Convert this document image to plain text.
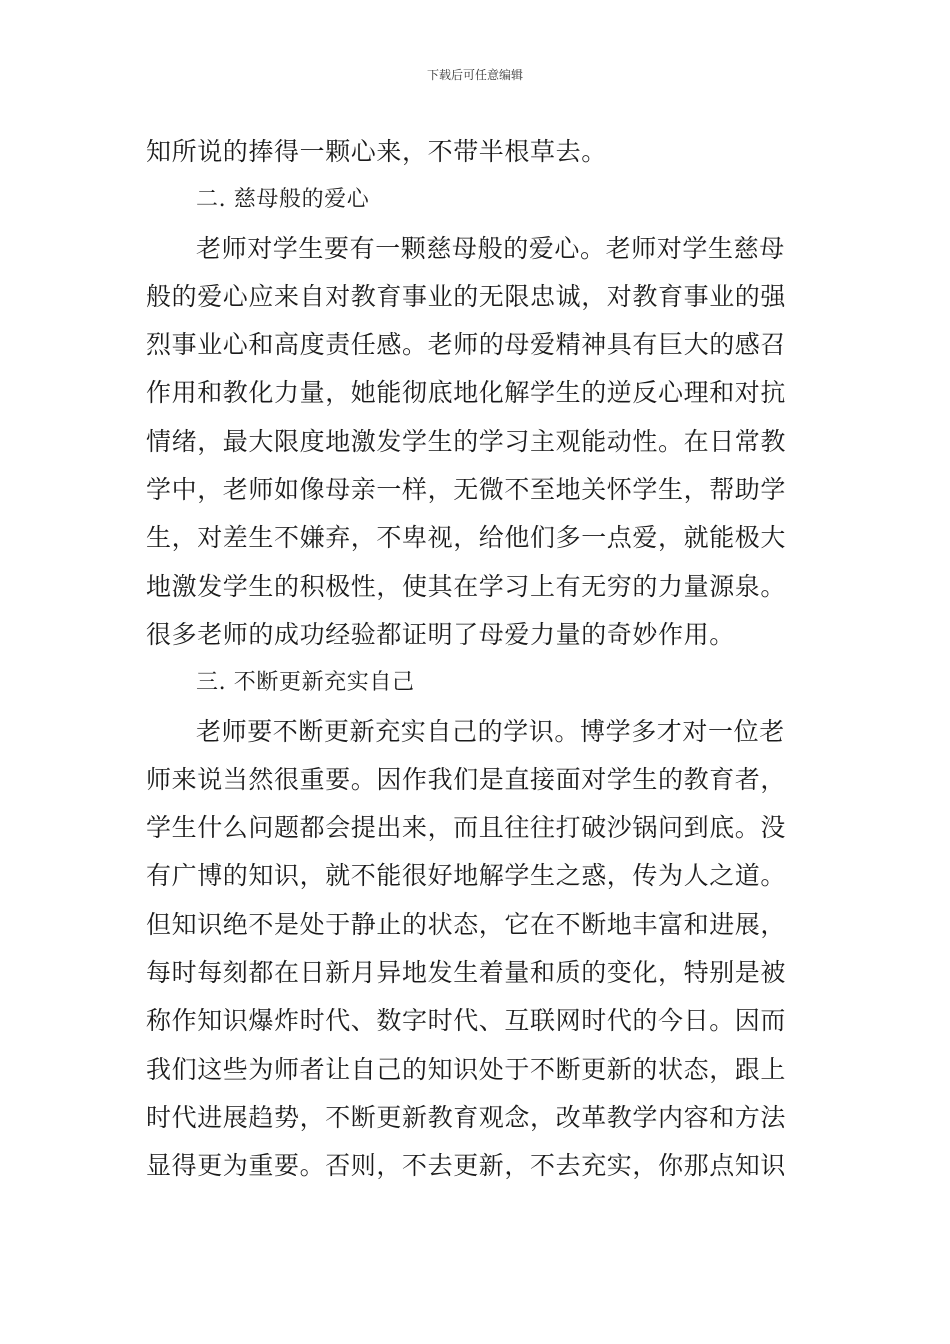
下载后可任意编辑
知所说的捧得一颗心来，不带半根草去。
二. 慈母般的爱心
老师对学生要有一颗慈母般的爱心。老师对学生慈母
般的爱心应来自对教育事业的无限忠诚，对教育事业的强
烈事业心和高度责任感。老师的母爱精神具有巨大的感召
作用和教化力量，她能彻底地化解学生的逆反心理和对抗
情绪，最大限度地激发学生的学习主观能动性。在日常教
学中，老师如像母亲一样，无微不至地关怀学生，帮助学
生，对差生不嫌弃，不卑视，给他们多一点爱，就能极大
地激发学生的积极性，使其在学习上有无穷的力量源泉。
很多老师的成功经验都证明了母爱力量的奇妙作用。
三. 不断更新充实自己
老师要不断更新充实自己的学识。博学多才对一位老
师来说当然很重要。因作我们是直接面对学生的教育者，
学生什么问题都会提出来，而且往往打破沙锅问到底。没
有广博的知识，就不能很好地解学生之惑，传为人之道。
但知识绝不是处于静止的状态，它在不断地丰富和进展，
每时每刻都在日新月异地发生着量和质的变化，特别是被
称作知识爆炸时代、数字时代、互联网时代的今日。因而
我们这些为师者让自己的知识处于不断更新的状态，跟上
时代进展趋势，不断更新教育观念，改革教学内容和方法
显得更为重要。否则，不去更新，不去充实，你那点知识
